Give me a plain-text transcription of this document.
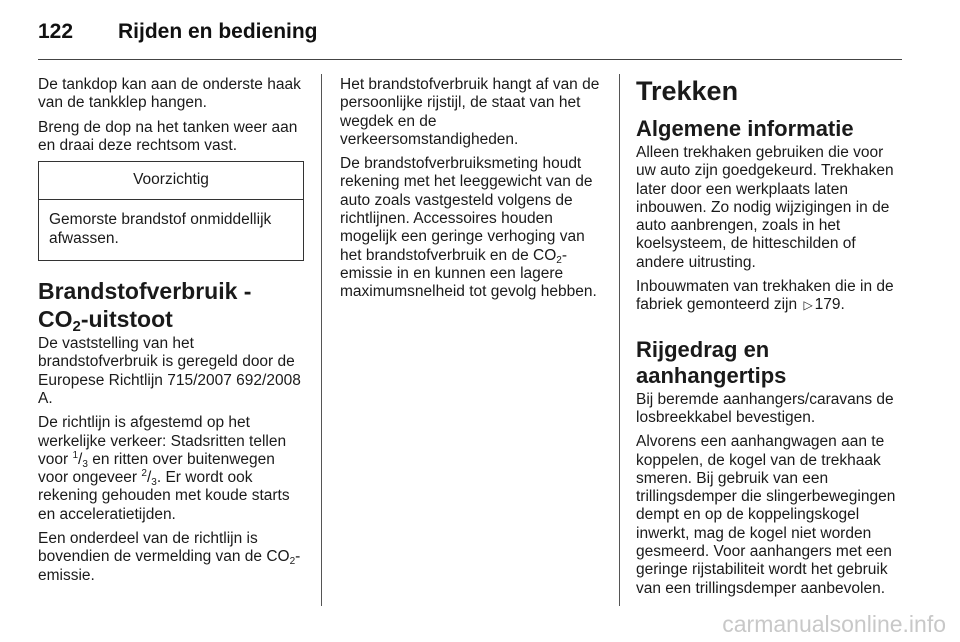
122 Rijden en bediening

De tankdop kan aan de onderste haak van de tankklep hangen.

Breng de dop na het tanken weer aan en draai deze rechtsom vast.

Voorzichtig
Gemorste brandstof onmiddellijk afwassen.
Brandstofverbruik - $CO_2$-uitstoot

De vaststelling van het brandstofverbruik is geregeld door de Europese Richtlijn 715/2007 692/2008 A.

De richtlijn is afgestemd op het werkelijke verkeer: Stadsritten tellen voor $^1/_3$ en ritten over buitenwegen voor ongeveer $^2/_3$. Er wordt ook rekening gehouden met koude starts en acceleratietijden.

Een onderdeel van de richtlijn is bovendien de vermelding van de $CO_2$-emissie.

Het brandstofverbruik hangt af van de persoonlijke rijstijl, de staat van het wegdek en de verkeersomstandigheden.

De brandstofverbruiksmeting houdt rekening met het leeggewicht van de auto zoals vastgesteld volgens de richtlijnen. Accessoires houden mogelijk een geringe verhoging van het brandstofverbruik en de $CO_2$-emissie in en kunnen een lagere maximumsnelheid tot gevolg hebben.

Trekken
Algemene informatie

Alleen trekhaken gebruiken die voor uw auto zijn goedgekeurd. Trekhaken later door een werkplaats laten inbouwen. Zo nodig wijzigingen in de auto aanbrengen, zoals in het koelsysteem, de hitteschilden of andere uitrusting.

Inbouwmaten van trekhaken die in de fabriek gemonteerd zijn ▷ 179.

Rijgedrag en aanhangertips

Bij beremde aanhangers/caravans de losbreekkabel bevestigen.

Alvorens een aanhangwagen aan te koppelen, de kogel van de trekhaak smeren. Bij gebruik van een trillingsdemper die slingerbewegingen dempt en op de koppelingskogel inwerkt, mag de kogel niet worden gesmeerd. Voor aanhangers met een geringe rijstabiliteit wordt het gebruik van een trillingsdemper aanbevolen.

carmanualsonline.info
